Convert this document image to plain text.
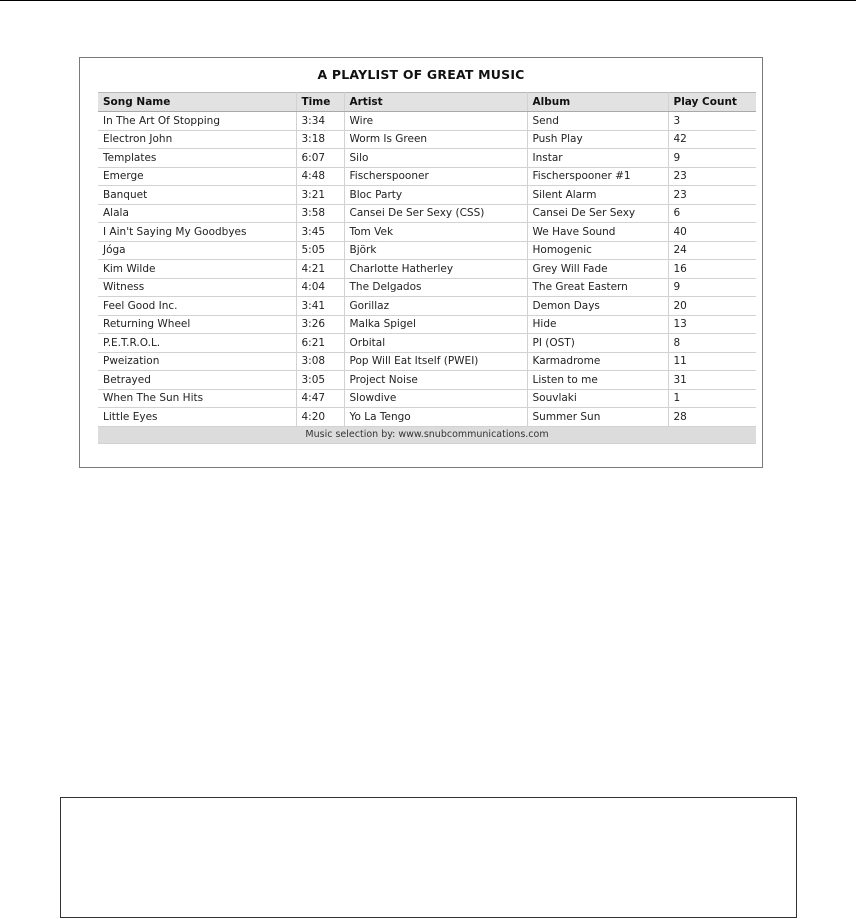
A PLAYLIST OF GREAT MUSIC
Song Name	Time	Artist	Album	Play Count
In The Art Of Stopping	3:34	Wire	Send	3
Electron John	3:18	Worm Is Green	Push Play	42
Templates	6:07	Silo	Instar	9
Emerge	4:48	Fischerspooner	Fischerspooner #1	23
Banquet	3:21	Bloc Party	Silent Alarm	23
Alala	3:58	Cansei De Ser Sexy (CSS)	Cansei De Ser Sexy	6
I Ain't Saying My Goodbyes	3:45	Tom Vek	We Have Sound	40
Jóga	5:05	Björk	Homogenic	24
Kim Wilde	4:21	Charlotte Hatherley	Grey Will Fade	16
Witness	4:04	The Delgados	The Great Eastern	9
Feel Good Inc.	3:41	Gorillaz	Demon Days	20
Returning Wheel	3:26	Malka Spigel	Hide	13
P.E.T.R.O.L.	6:21	Orbital	PI (OST)	8
Pweization	3:08	Pop Will Eat Itself (PWEI)	Karmadrome	11
Betrayed	3:05	Project Noise	Listen to me	31
When The Sun Hits	4:47	Slowdive	Souvlaki	1
Little Eyes	4:20	Yo La Tengo	Summer Sun	28
Music selection by: www.snubcommunications.com				
